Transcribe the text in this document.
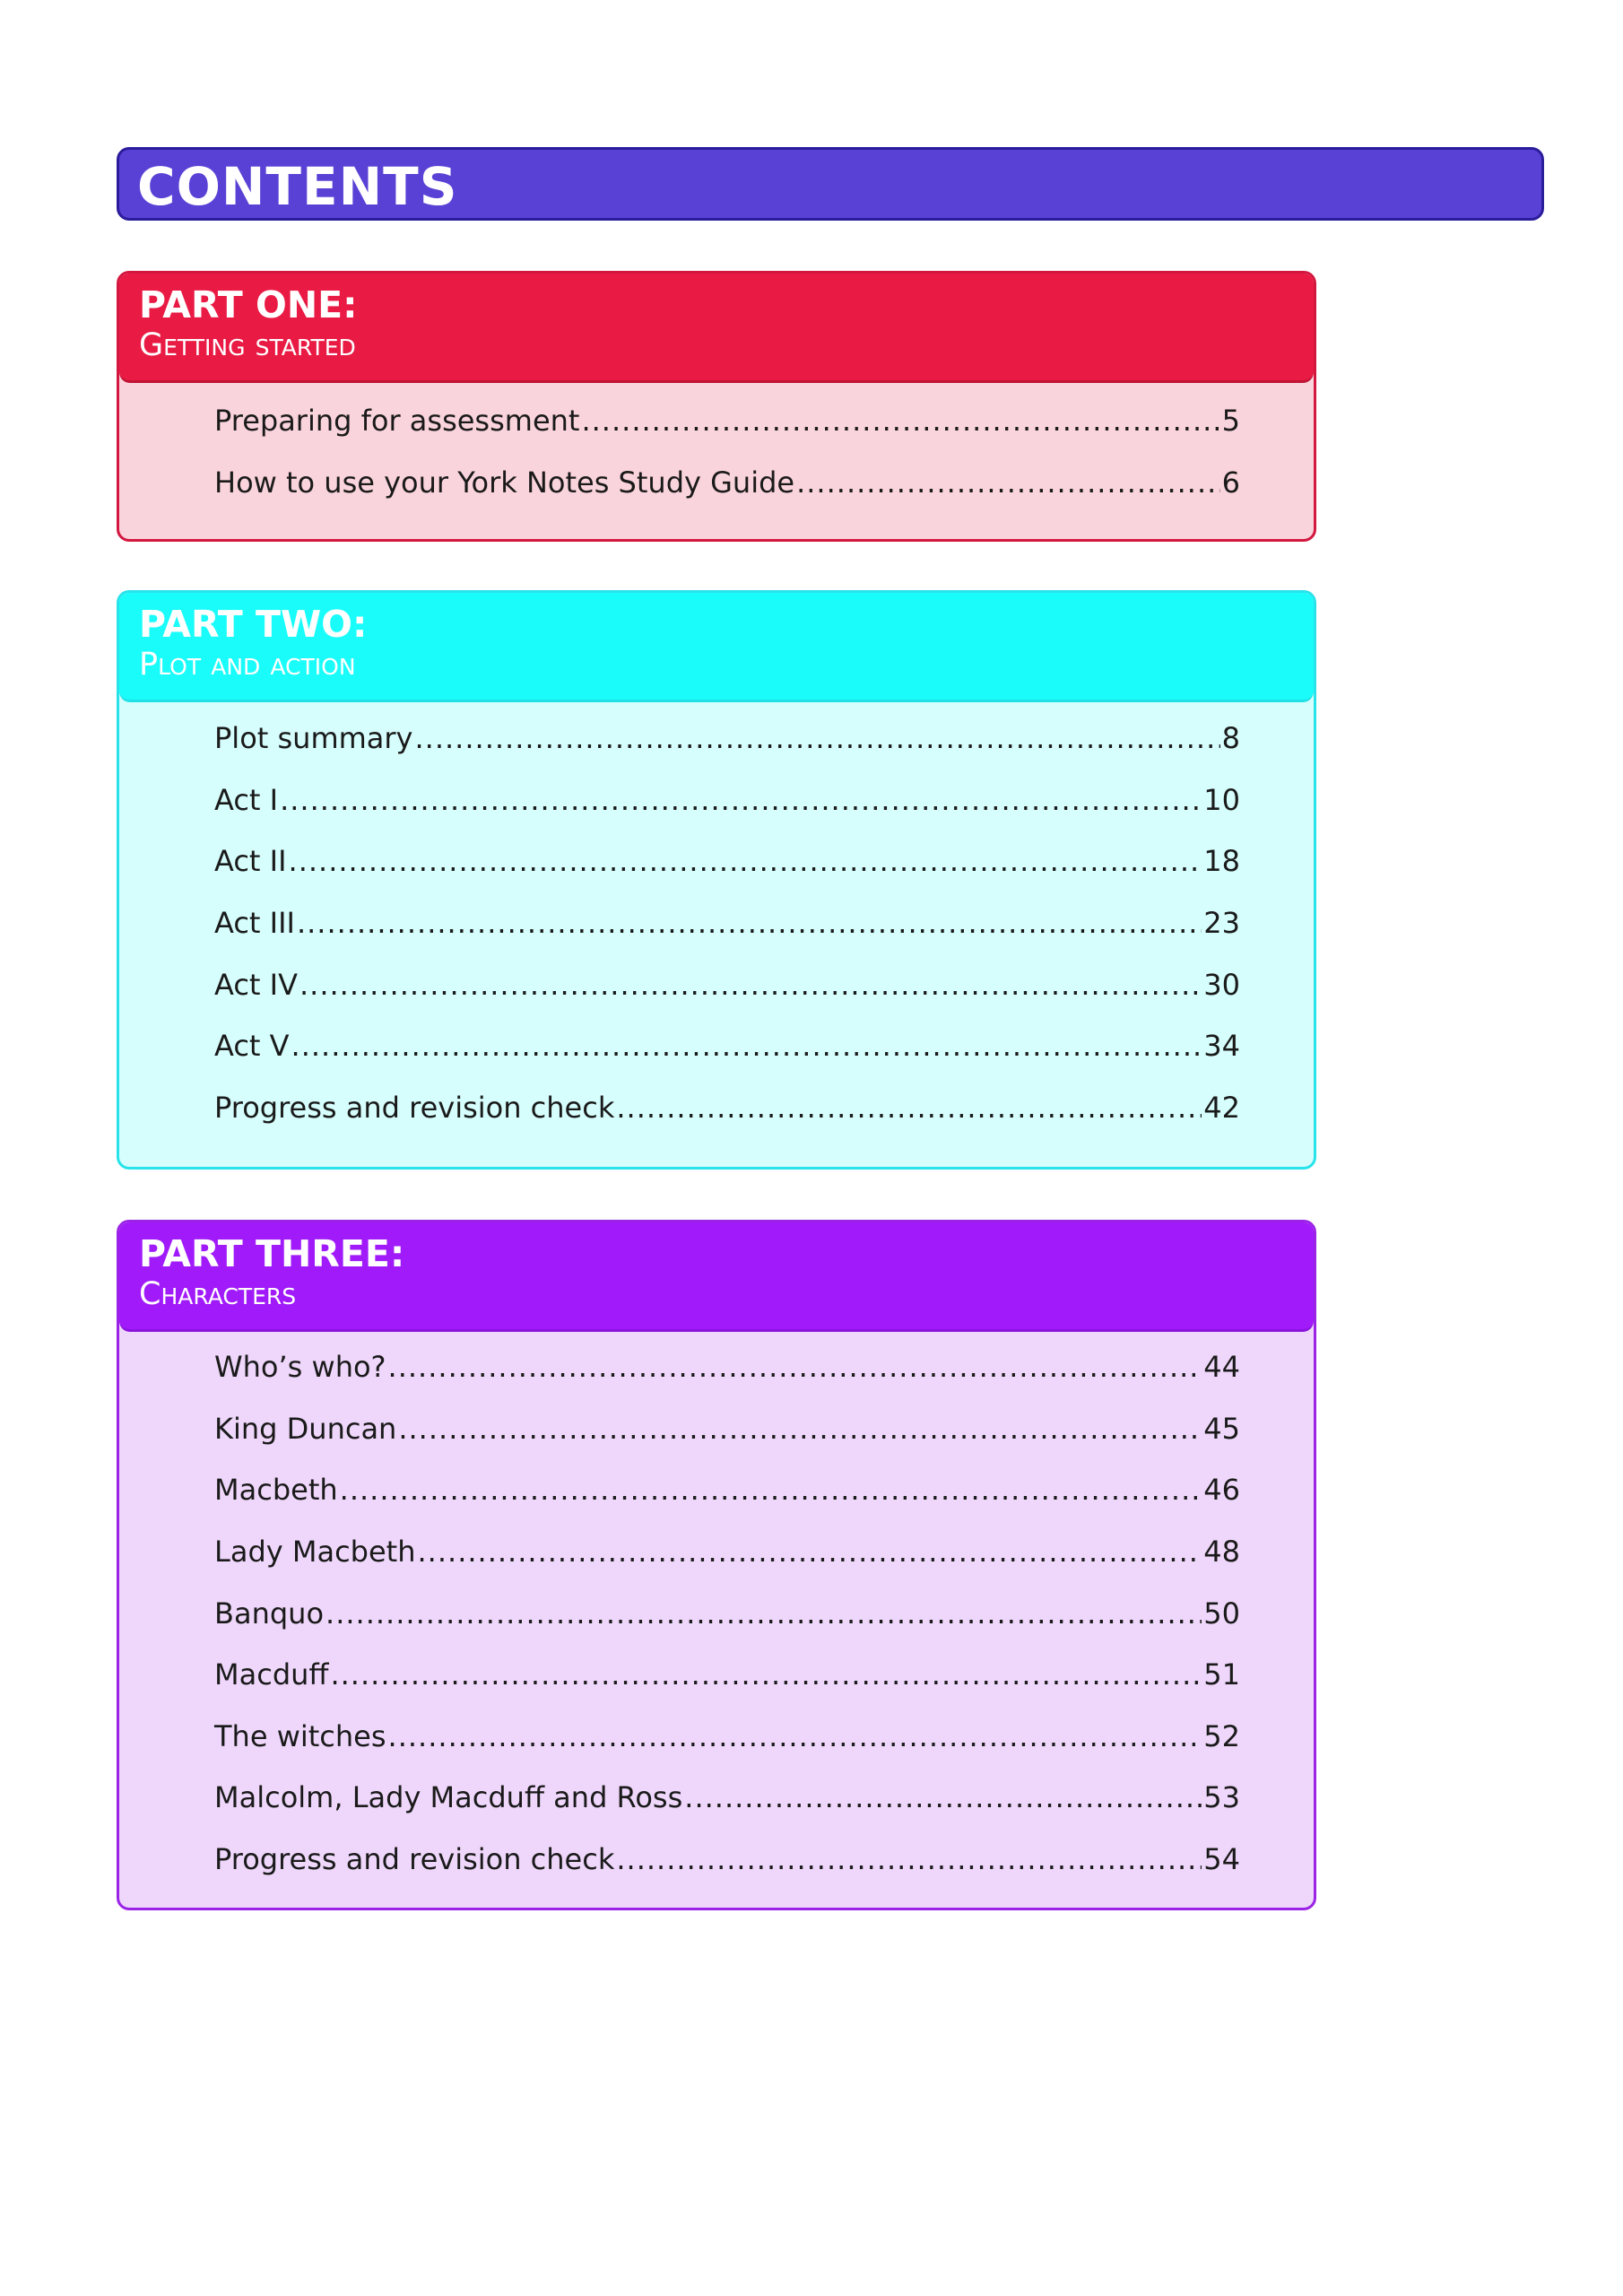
CONTENTS
PART ONE:
Getting started
Preparing for assessment .....	5
How to use your York Notes Study Guide .....	6
PART TWO:
Plot and action
Plot summary .....	8
Act I .....	10
Act II .....	18
Act III .....	23
Act IV .....	30
Act V .....	34
Progress and revision check .....	42
PART THREE:
Characters
Who’s who? .....	44
King Duncan .....	45
Macbeth .....	46
Lady Macbeth .....	48
Banquo .....	50
Macduff .....	51
The witches .....	52
Malcolm, Lady Macduff and Ross .....	53
Progress and revision check .....	54
